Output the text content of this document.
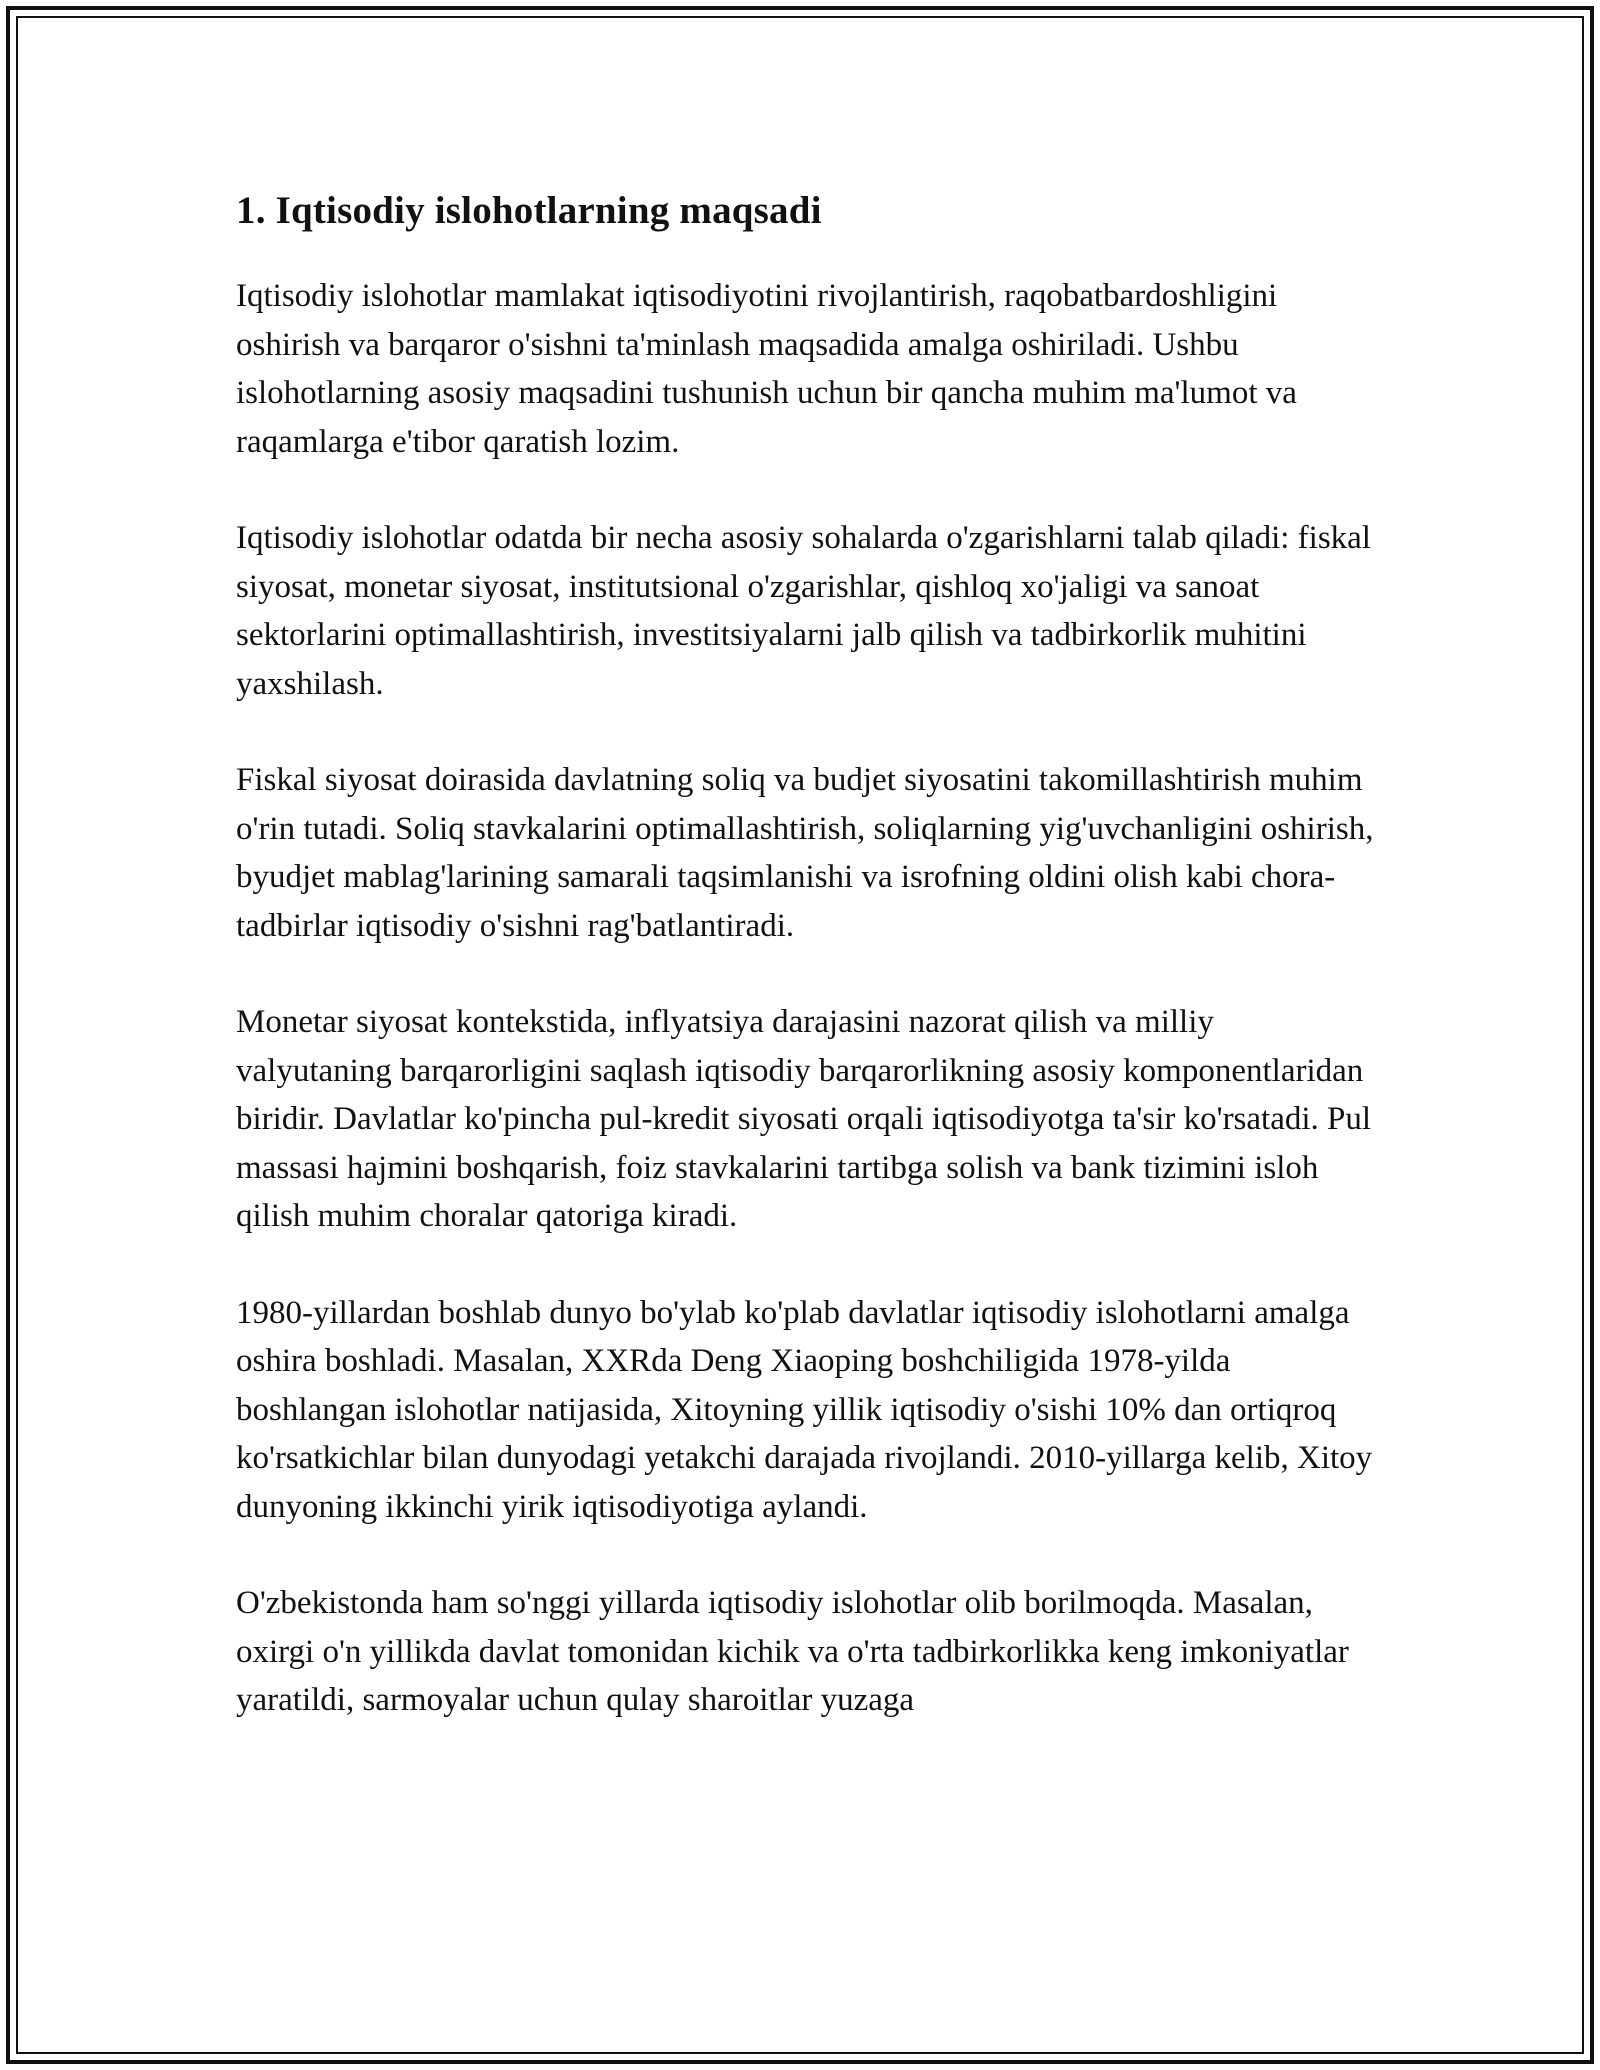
1. Iqtisodiy islohotlarning maqsadi

Iqtisodiy islohotlar mamlakat iqtisodiyotini rivojlantirish, raqobatbardoshligini oshirish va barqaror o'sishni ta'minlash maqsadida amalga oshiriladi. Ushbu islohotlarning asosiy maqsadini tushunish uchun bir qancha muhim ma'lumot va raqamlarga e'tibor qaratish lozim.

Iqtisodiy islohotlar odatda bir necha asosiy sohalarda o'zgarishlarni talab qiladi: fiskal siyosat, monetar siyosat, institutsional o'zgarishlar, qishloq xo'jaligi va sanoat sektorlarini optimallashtirish, investitsiyalarni jalb qilish va tadbirkorlik muhitini yaxshilash.

Fiskal siyosat doirasida davlatning soliq va budjet siyosatini takomillashtirish muhim o'rin tutadi. Soliq stavkalarini optimallashtirish, soliqlarning yig'uvchanligini oshirish, byudjet mablag'larining samarali taqsimlanishi va isrofning oldini olish kabi chora-tadbirlar iqtisodiy o'sishni rag'batlantiradi.

Monetar siyosat kontekstida, inflyatsiya darajasini nazorat qilish va milliy valyutaning barqarorligini saqlash iqtisodiy barqarorlikning asosiy komponentlaridan biridir. Davlatlar ko'pincha pul-kredit siyosati orqali iqtisodiyotga ta'sir ko'rsatadi. Pul massasi hajmini boshqarish, foiz stavkalarini tartibga solish va bank tizimini isloh qilish muhim choralar qatoriga kiradi.

1980-yillardan boshlab dunyo bo'ylab ko'plab davlatlar iqtisodiy islohotlarni amalga oshira boshladi. Masalan, XXRda Deng Xiaoping boshchiligida 1978-yilda boshlangan islohotlar natijasida, Xitoyning yillik iqtisodiy o'sishi 10% dan ortiqroq ko'rsatkichlar bilan dunyodagi yetakchi darajada rivojlandi. 2010-yillarga kelib, Xitoy dunyoning ikkinchi yirik iqtisodiyotiga aylandi.

O'zbekistonda ham so'nggi yillarda iqtisodiy islohotlar olib borilmoqda. Masalan, oxirgi o'n yillikda davlat tomonidan kichik va o'rta tadbirkorlikka keng imkoniyatlar yaratildi, sarmoyalar uchun qulay sharoitlar yuzaga
